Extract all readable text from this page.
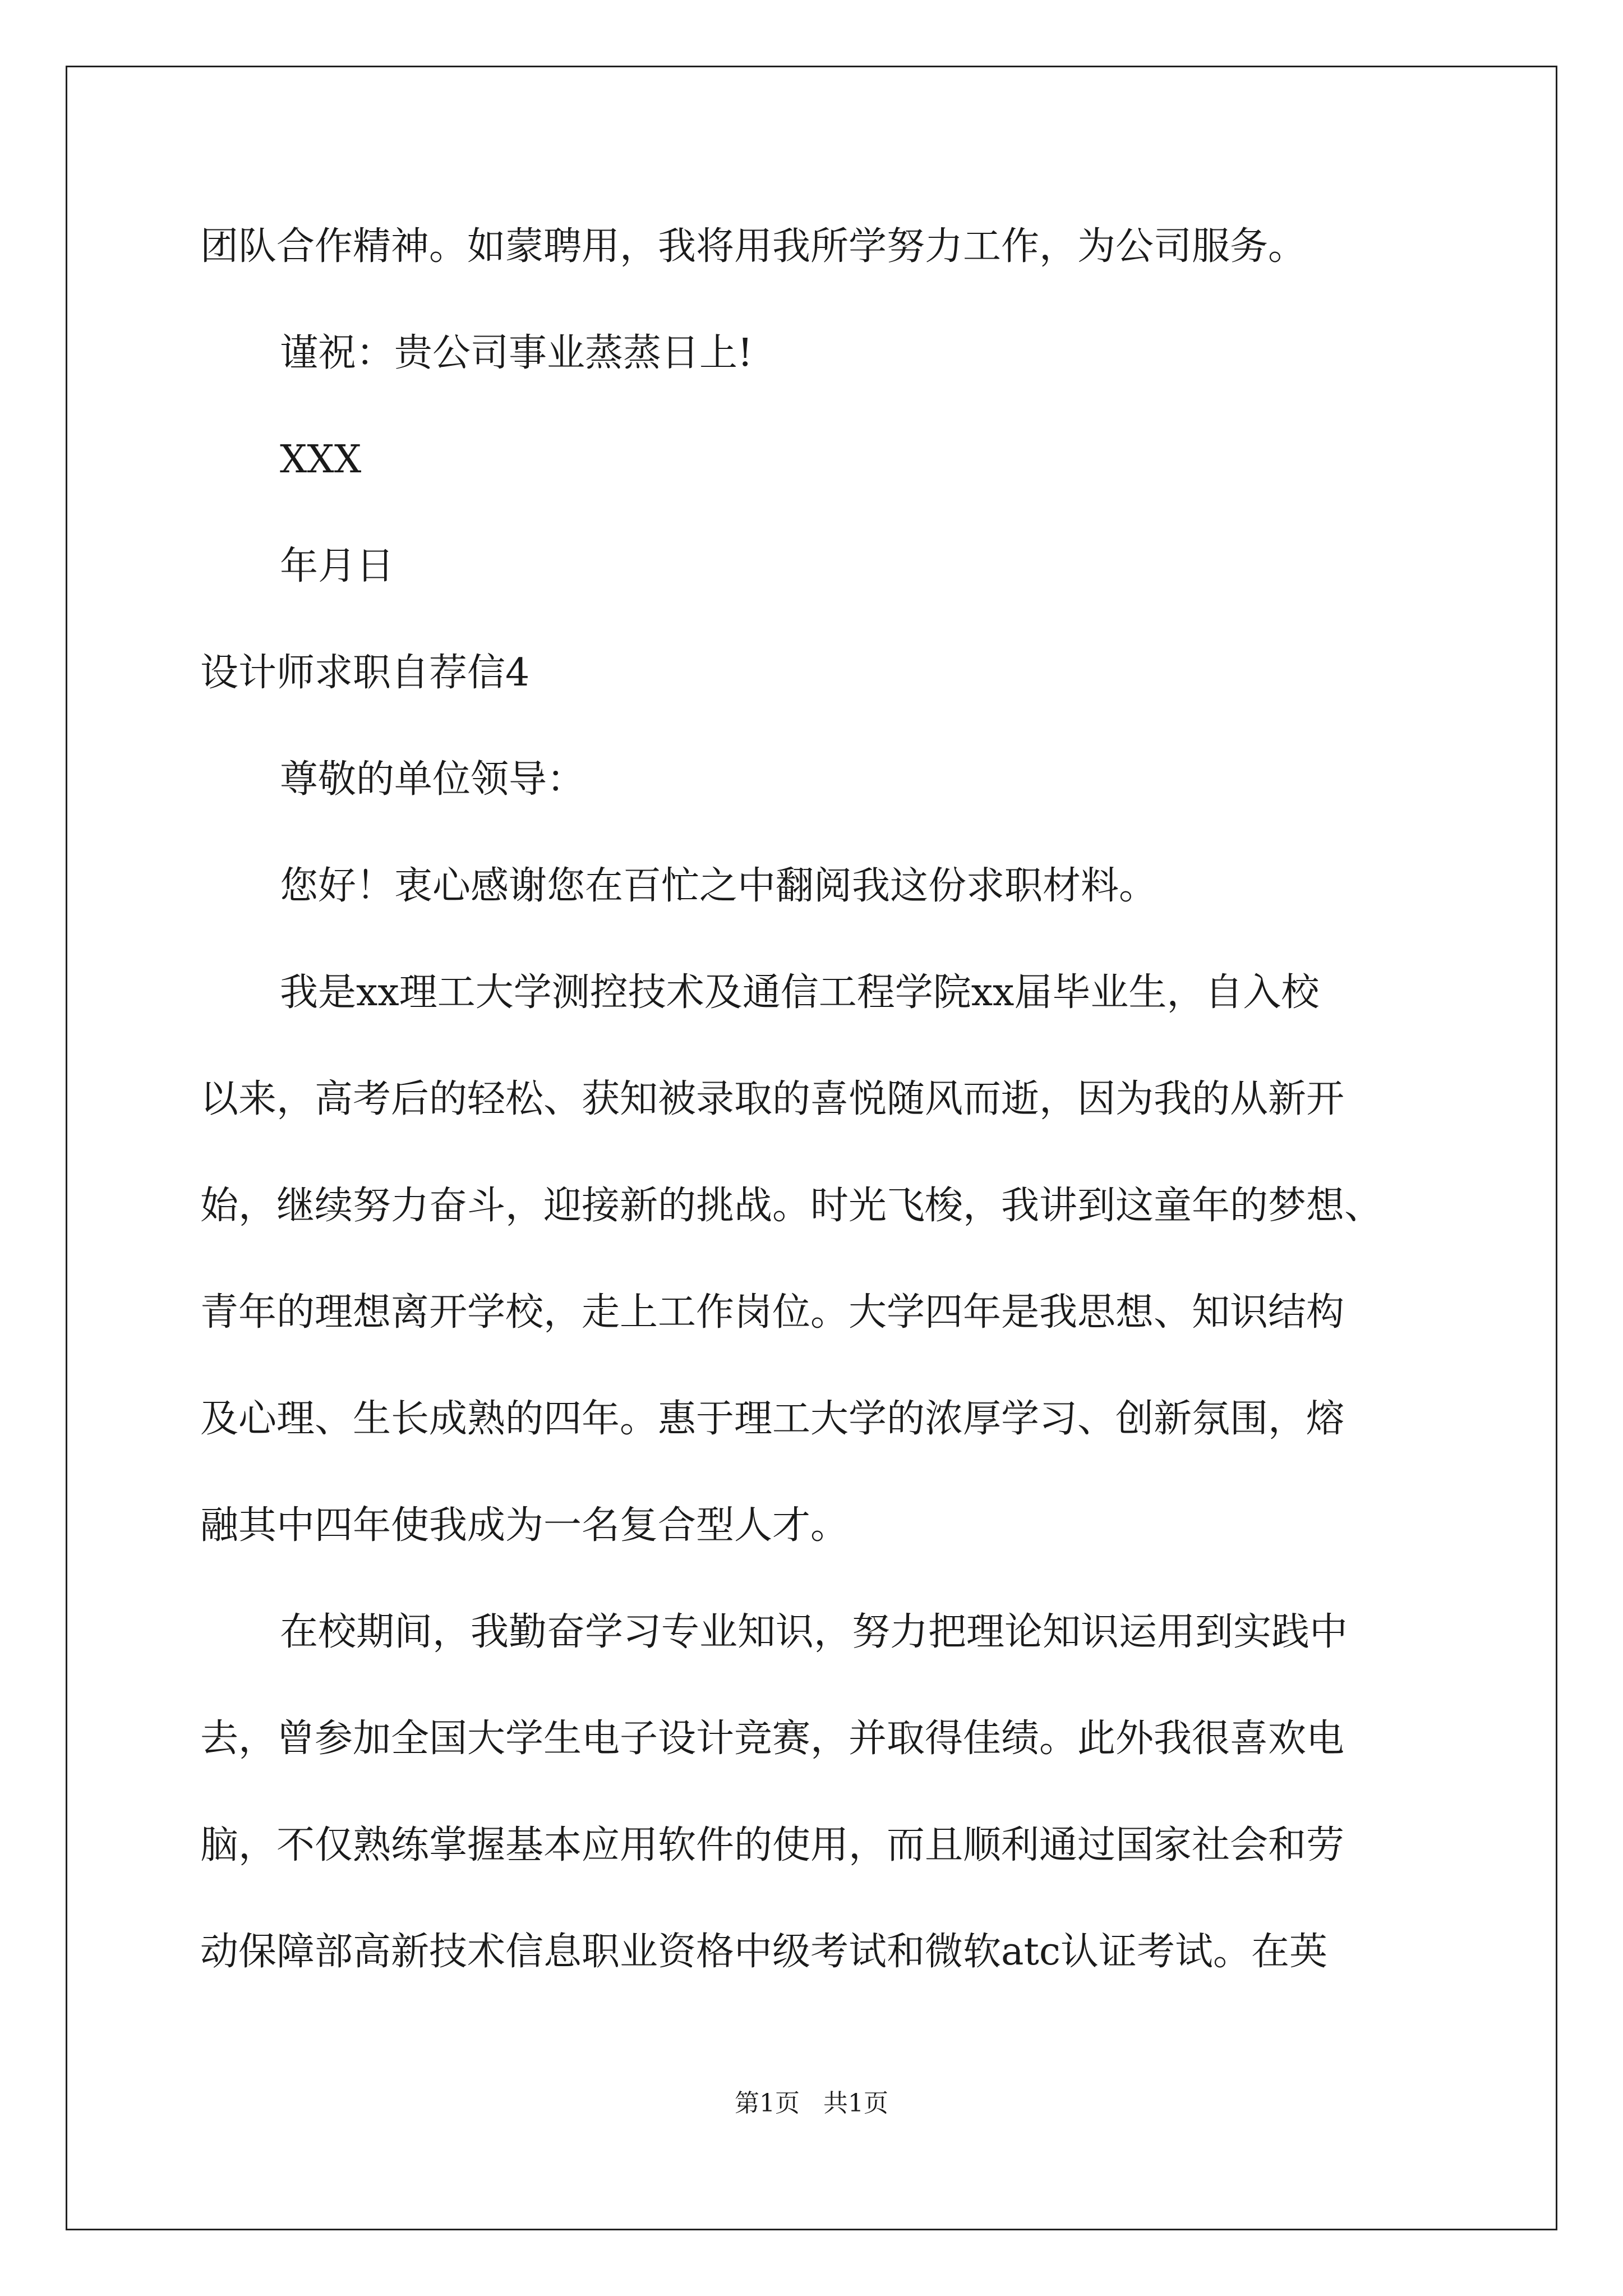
团队合作精神。如蒙聘用，我将用我所学努力工作，为公司服务。

谨祝：贵公司事业蒸蒸日上!

XXX

年月日

设计师求职自荐信4

尊敬的单位领导：

您好！衷心感谢您在百忙之中翻阅我这份求职材料。

我是xx理工大学测控技术及通信工程学院xx届毕业生，自入校

以来，高考后的轻松、获知被录取的喜悦随风而逝，因为我的从新开

始，继续努力奋斗，迎接新的挑战。时光飞梭，我讲到这童年的梦想、

青年的理想离开学校，走上工作岗位。大学四年是我思想、知识结构

及心理、生长成熟的四年。惠于理工大学的浓厚学习、创新氛围，熔

融其中四年使我成为一名复合型人才。

在校期间，我勤奋学习专业知识，努力把理论知识运用到实践中

去，曾参加全国大学生电子设计竞赛，并取得佳绩。此外我很喜欢电

脑，不仅熟练掌握基本应用软件的使用，而且顺利通过国家社会和劳

动保障部高新技术信息职业资格中级考试和微软atc认证考试。在英

第1页   共1页
